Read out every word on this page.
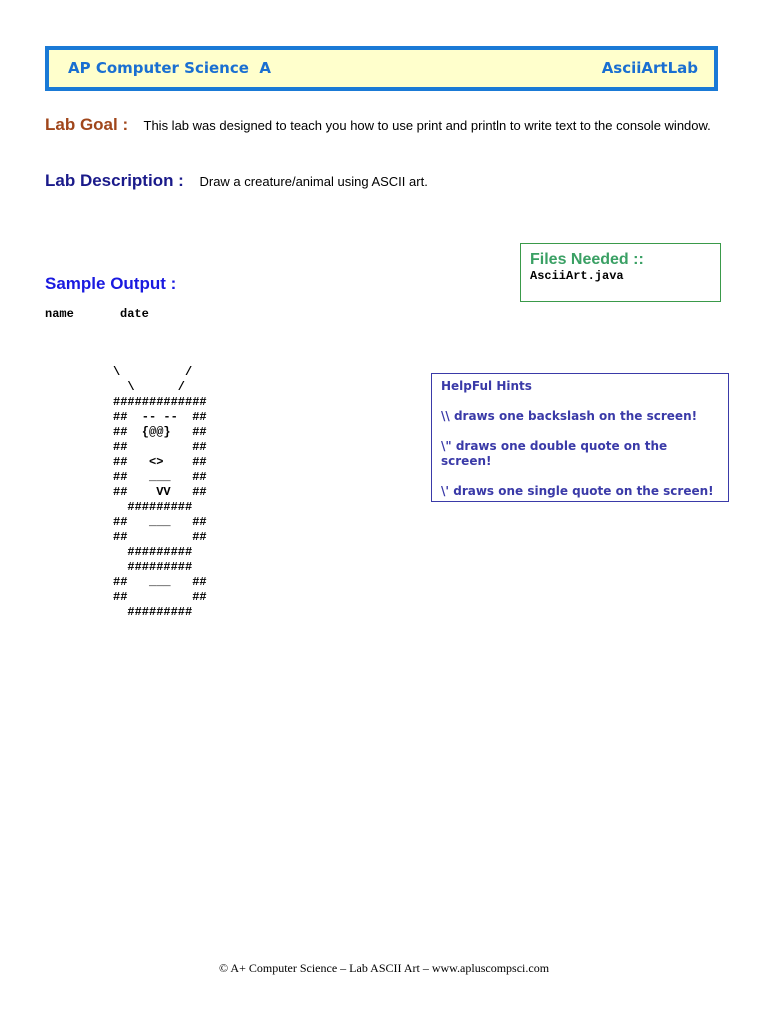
AP Computer Science  A	AsciiArtLab
Lab Goal : This lab was designed to teach you how to use print and println to write text to the console window.
Lab Description : Draw a creature/animal using ASCII art.
Files Needed ::
AsciiArt.java
Sample Output :
name	date
\         /
\      /
#############
##  -- --  ##
##  {@@}   ##
##         ##
##   <>    ##
##   ___   ##
##    VV   ##
#########
##   ___   ##
##         ##
#########
#########
##   ___   ##
##         ##
#########
HelpFul Hints
\\ draws one backslash on the screen!
\" draws one double quote on the screen!
\' draws one single quote on the screen!
© A+ Computer Science – Lab ASCII Art – www.apluscompsci.com
